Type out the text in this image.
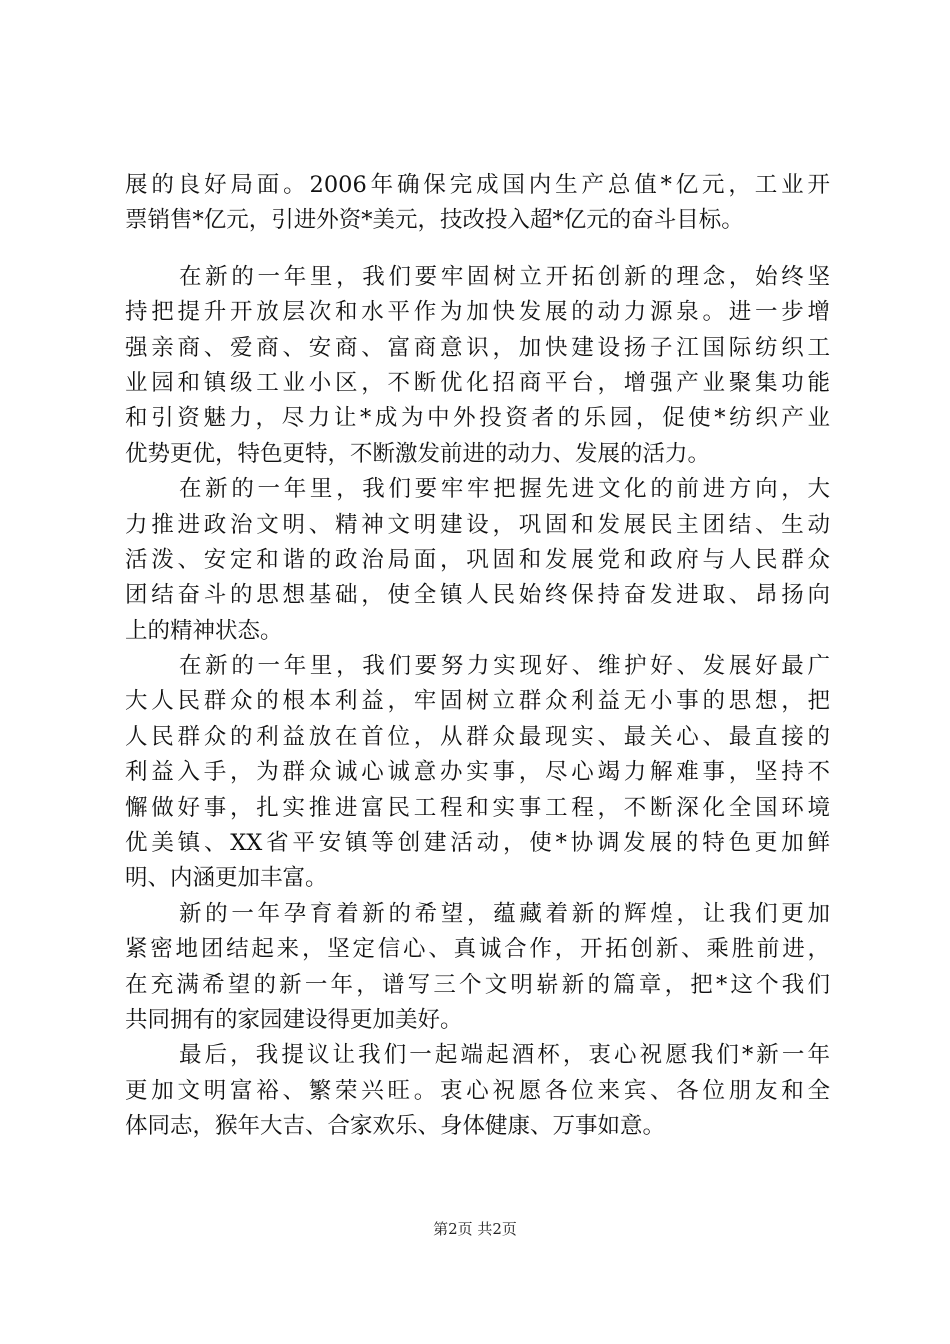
展的良好局面。2006年确保完成国内生产总值*亿元，工业开
票销售*亿元，引进外资*美元，技改投入超*亿元的奋斗目标。
在新的一年里，我们要牢固树立开拓创新的理念，始终坚
持把提升开放层次和水平作为加快发展的动力源泉。进一步增
强亲商、爱商、安商、富商意识，加快建设扬子江国际纺织工
业园和镇级工业小区，不断优化招商平台，增强产业聚集功能
和引资魅力，尽力让*成为中外投资者的乐园，促使*纺织产业
优势更优，特色更特，不断激发前进的动力、发展的活力。
在新的一年里，我们要牢牢把握先进文化的前进方向，大
力推进政治文明、精神文明建设，巩固和发展民主团结、生动
活泼、安定和谐的政治局面，巩固和发展党和政府与人民群众
团结奋斗的思想基础，使全镇人民始终保持奋发进取、昂扬向
上的精神状态。
在新的一年里，我们要努力实现好、维护好、发展好最广
大人民群众的根本利益，牢固树立群众利益无小事的思想，把
人民群众的利益放在首位，从群众最现实、最关心、最直接的
利益入手，为群众诚心诚意办实事，尽心竭力解难事，坚持不
懈做好事，扎实推进富民工程和实事工程，不断深化全国环境
优美镇、XX省平安镇等创建活动，使*协调发展的特色更加鲜
明、内涵更加丰富。
新的一年孕育着新的希望，蕴藏着新的辉煌，让我们更加
紧密地团结起来，坚定信心、真诚合作，开拓创新、乘胜前进，
在充满希望的新一年，谱写三个文明崭新的篇章，把*这个我们
共同拥有的家园建设得更加美好。
最后，我提议让我们一起端起酒杯，衷心祝愿我们*新一年
更加文明富裕、繁荣兴旺。衷心祝愿各位来宾、各位朋友和全
体同志，猴年大吉、合家欢乐、身体健康、万事如意。
第2页 共2页
